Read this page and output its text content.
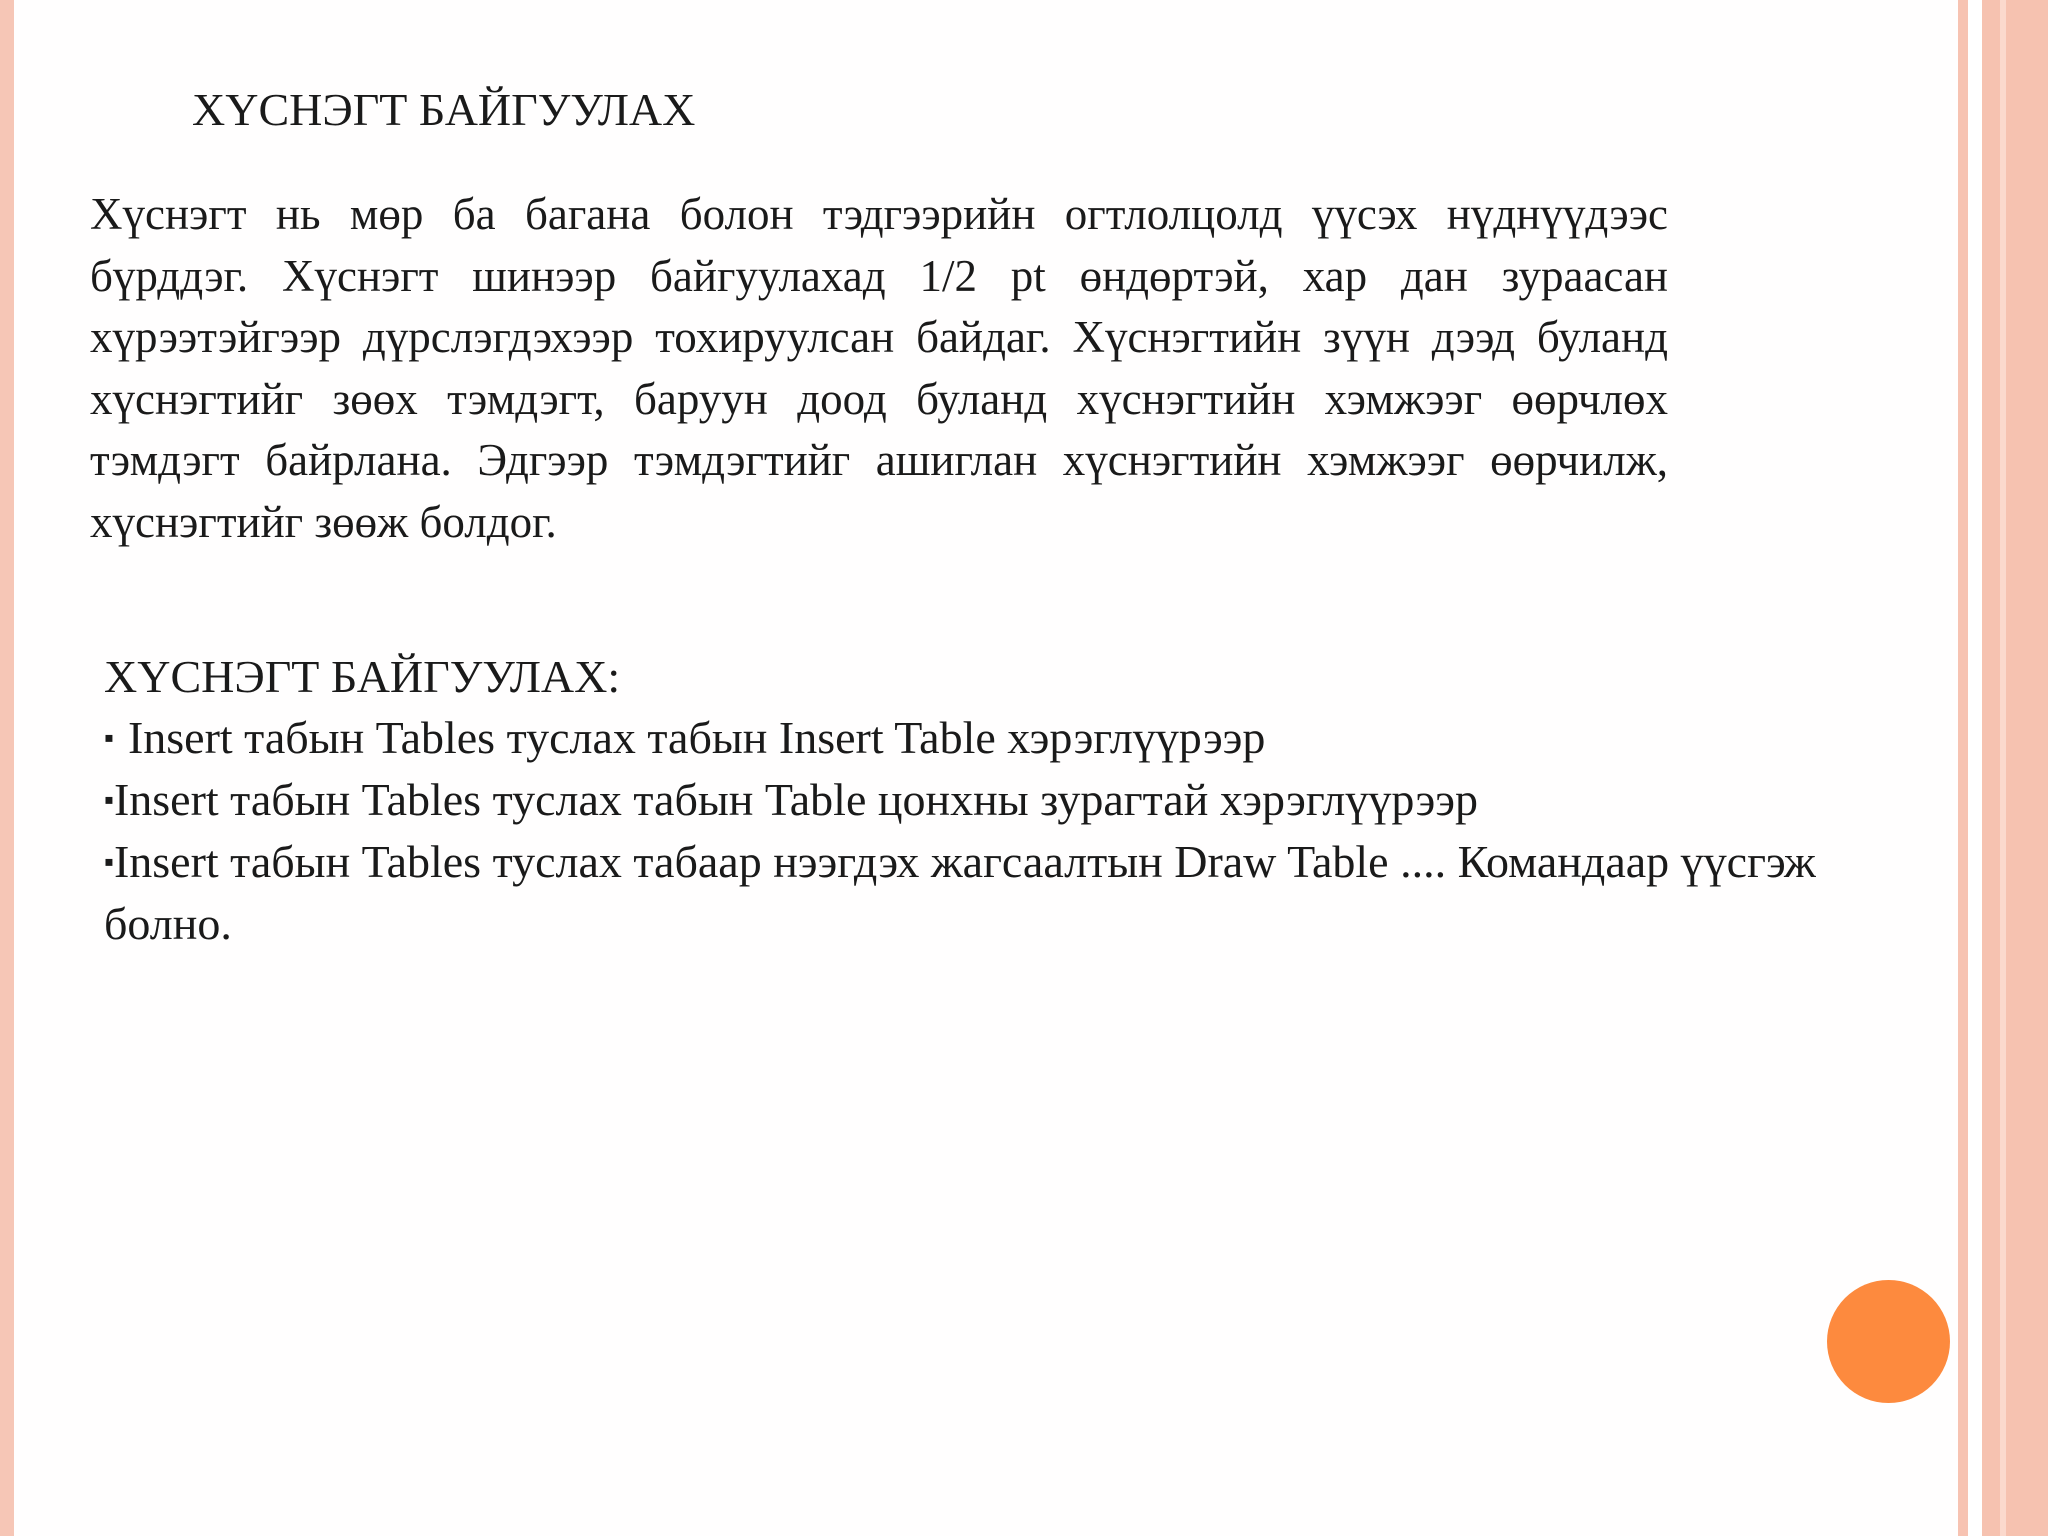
ХҮСНЭГТ БАЙГУУЛАХ

Хүснэгт нь мөр ба багана болон тэдгээрийн огтлолцолд үүсэх нүднүүдээс бүрддэг. Хүснэгт шинээр байгуулахад 1/2 pt өндөртэй, хар дан зураасан хүрээтэйгээр дүрслэгдэхээр тохируулсан байдаг. Хүснэгтийн зүүн дээд буланд хүснэгтийг зөөх тэмдэгт, баруун доод буланд хүснэгтийн хэмжээг өөрчлөх тэмдэгт байрлана. Эдгээр тэмдэгтийг ашиглан хүснэгтийн хэмжээг өөрчилж, хүснэгтийг зөөж болдог.

ХҮСНЭГТ БАЙГУУЛАХ:

▪ Insert табын Tables туслах табын Insert Table хэрэглүүрээр

▪Insert табын Tables туслах табын Table цонхны зурагтай хэрэглүүрээр

▪Insert табын Tables туслах табаар нээгдэх жагсаалтын Draw Table .... Командаар үүсгэж болно.
